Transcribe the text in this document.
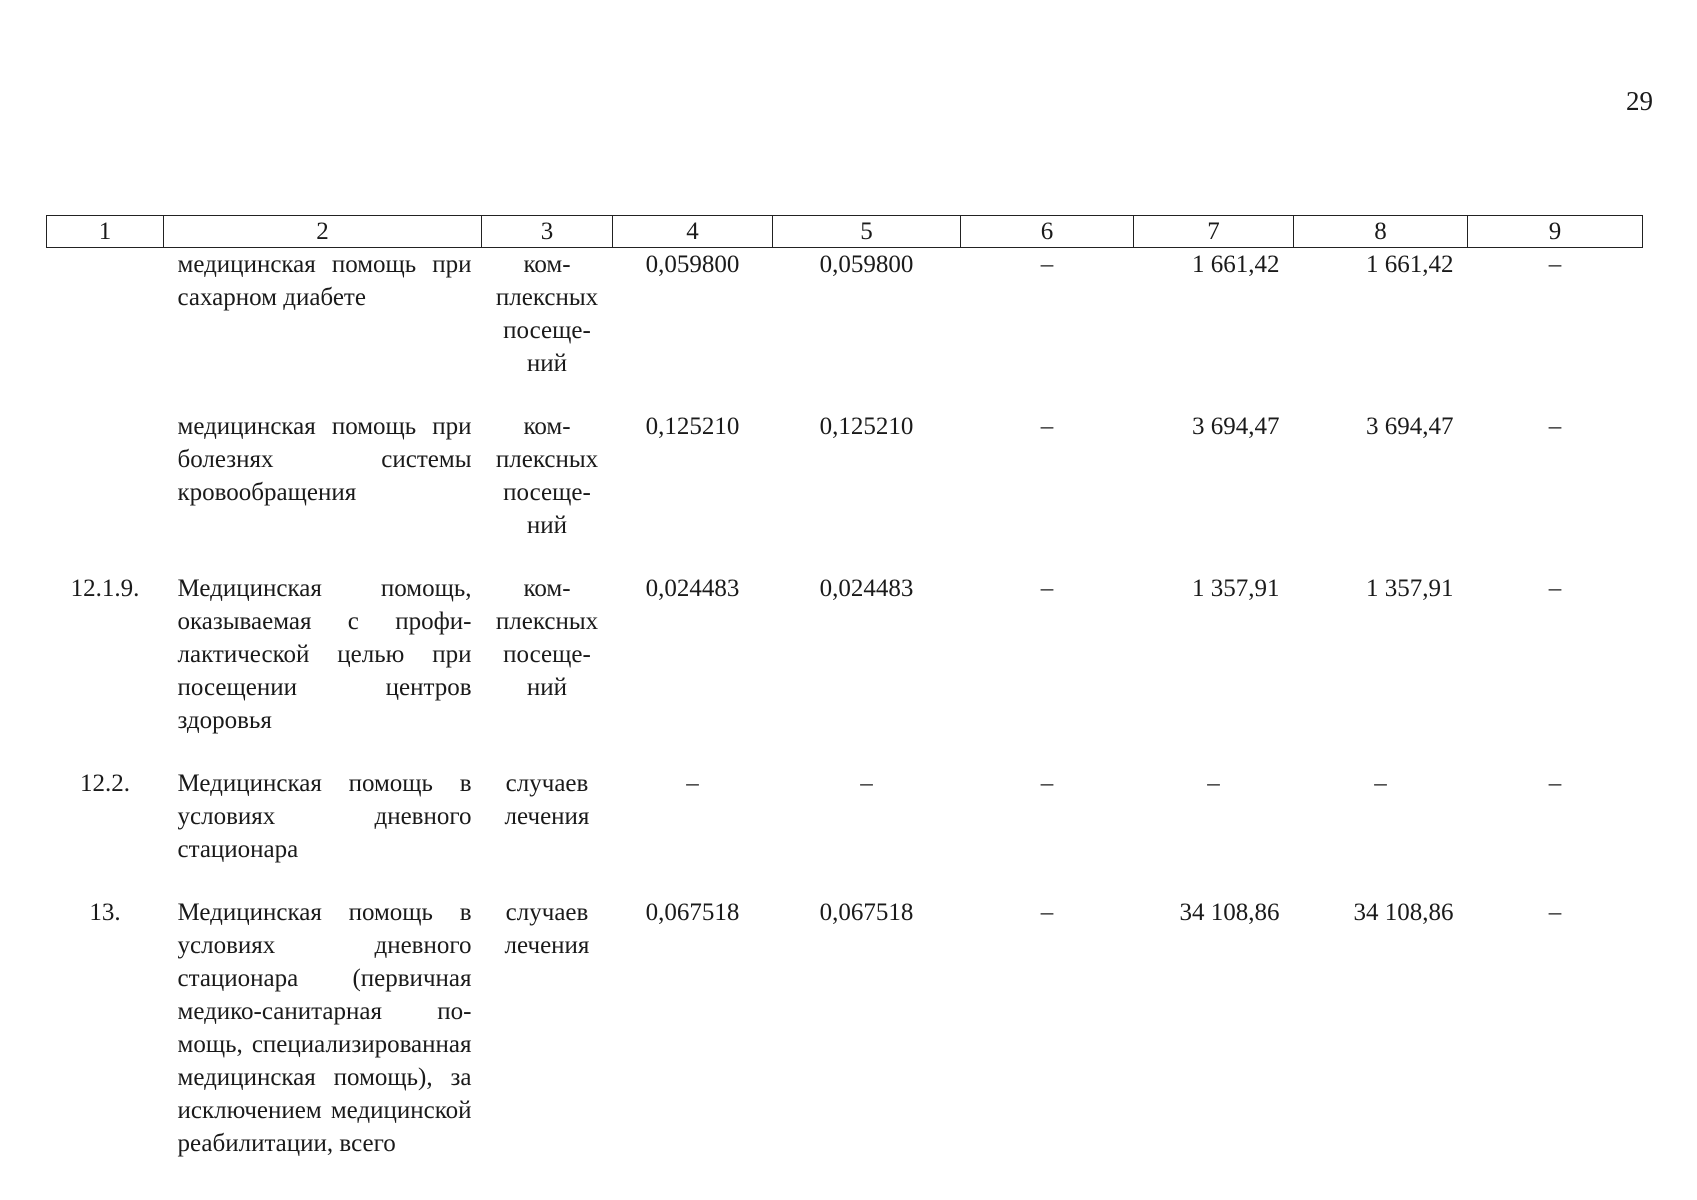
29
1	2	3	4	5	6	7	8	9
	медицинская помощь при сахарном диабете	ком-
плексных
посеще-
ний	0,059800	0,059800	–	1 661,42	1 661,42	–
	медицинская помощь при болезнях системы кровообращения	ком-
плексных
посеще-
ний	0,125210	0,125210	–	3 694,47	3 694,47	–
12.1.9.	Медицинская помощь, оказываемая с профилактической целью при посещении центров здоровья	ком-
плексных
посеще-
ний	0,024483	0,024483	–	1 357,91	1 357,91	–
12.2.	Медицинская помощь в условиях дневного стационара	случаев
лечения	–	–	–	–	–	–
13.	Медицинская помощь в условиях дневного стационара (первичная медико-санитарная помощь, специализированная медицинская помощь), за исключением медицинской реабилитации, всего	случаев
лечения	0,067518	0,067518	–	34 108,86	34 108,86	–
